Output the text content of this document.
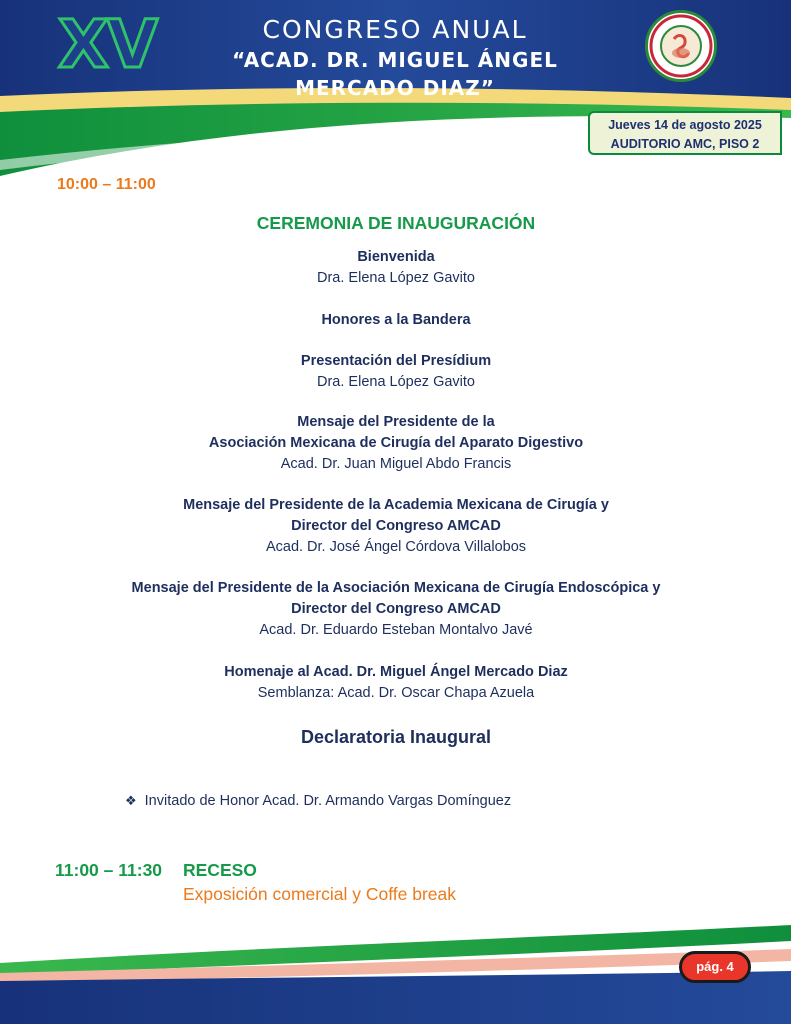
XV	CONGRESO ANUAL
“ACAD. DR. MIGUEL ÁNGEL MERCADO DIAZ”
Jueves 14 de agosto 2025
AUDITORIO AMC, PISO 2
10:00 – 11:00
CEREMONIA DE INAUGURACIÓN
Bienvenida
Dra. Elena López Gavito
Honores a la Bandera
Presentación del Presídium
Dra. Elena López Gavito
Mensaje del Presidente de la
Asociación Mexicana de Cirugía del Aparato Digestivo
Acad. Dr. Juan Miguel Abdo Francis
Mensaje del Presidente de la Academia Mexicana de Cirugía y
Director del Congreso AMCAD
Acad. Dr. José Ángel Córdova Villalobos
Mensaje del Presidente de la Asociación Mexicana de Cirugía Endoscópica y
Director del Congreso AMCAD
Acad. Dr. Eduardo Esteban Montalvo Javé
Homenaje al Acad. Dr. Miguel Ángel Mercado Diaz
Semblanza: Acad. Dr. Oscar Chapa Azuela
Declaratoria Inaugural
❖ Invitado de Honor Acad. Dr. Armando Vargas Domínguez
11:00 – 11:30 RECESO
Exposición comercial y Coffe break
pág. 4
